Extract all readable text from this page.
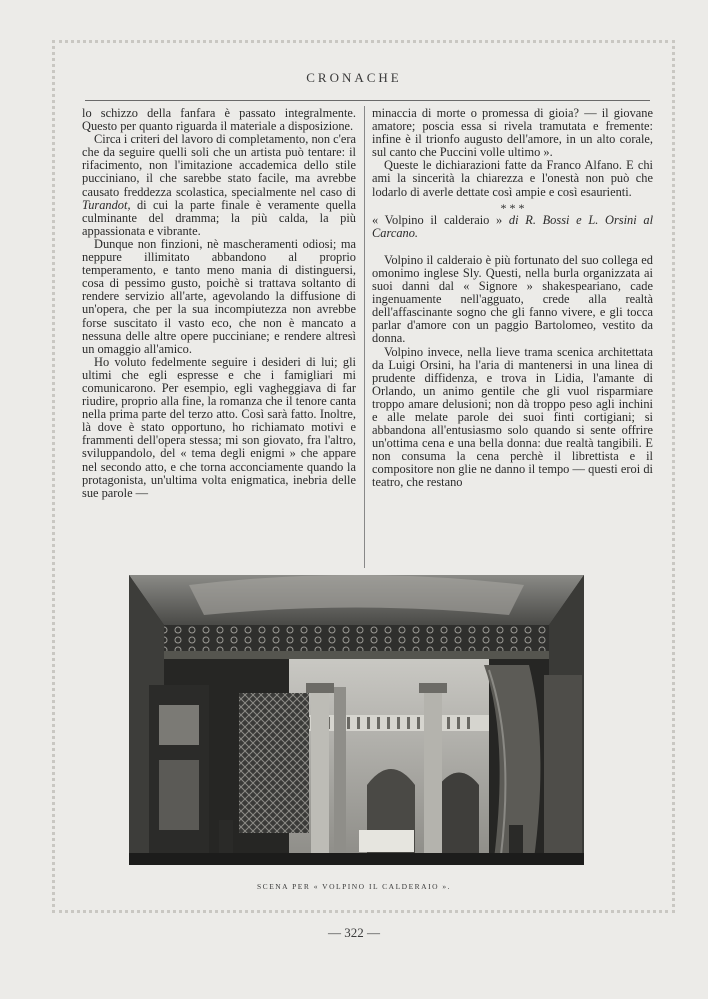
CRONACHE

lo schizzo della fanfara è passato integralmente. Questo per quanto riguarda il materiale a disposizione.

Circa i criteri del lavoro di completamento, non c'era che da seguire quelli soli che un artista può tentare: il rifacimento, non l'imitazione accademica dello stile pucciniano, il che sarebbe stato facile, ma avrebbe causato freddezza scolastica, specialmente nel caso di Turandot, di cui la parte finale è veramente quella culminante del dramma; la più calda, la più appassionata e vibrante.

Dunque non finzioni, nè mascheramenti odiosi; ma neppure illimitato abbandono al proprio temperamento, e tanto meno mania di distinguersi, cosa di pessimo gusto, poichè si trattava soltanto di rendere servizio all'arte, agevolando la diffusione di un'opera, che per la sua incompiutezza non avrebbe forse suscitato il vasto eco, che non è mancato a nessuna delle altre opere pucciniane; e rendere altresì un omaggio all'amico.

Ho voluto fedelmente seguire i desideri di lui; gli ultimi che egli espresse e che i famigliari mi comunicarono. Per esempio, egli vagheggiava di far riudire, proprio alla fine, la romanza che il tenore canta nella prima parte del terzo atto. Così sarà fatto. Inoltre, là dove è stato opportuno, ho richiamato motivi e frammenti dell'opera stessa; mi son giovato, fra l'altro, sviluppandolo, del « tema degli enigmi » che appare nel secondo atto, e che torna acconciamente quando la protagonista, un'ultima volta enigmatica, inebria delle sue parole —

minaccia di morte o promessa di gioia? — il giovane amatore; poscia essa si rivela tramutata e fremente: infine è il trionfo augusto dell'amore, in un alto corale, sul canto che Puccini volle ultimo ».

Queste le dichiarazioni fatte da Franco Alfano. E chi ami la sincerità la chiarezza e l'onestà non può che lodarlo di averle dettate così ampie e così esaurienti.

* * *

« Volpino il calderaio » di R. Bossi e L. Orsini al Carcano.

Volpino il calderaio è più fortunato del suo collega ed omonimo inglese Sly. Questi, nella burla organizzata ai suoi danni dal « Signore » shakespeariano, cade ingenuamente nell'agguato, crede alla realtà dell'affascinante sogno che gli fanno vivere, e gli tocca parlar d'amore con un paggio Bartolomeo, vestito da donna.

Volpino invece, nella lieve trama scenica architettata da Luigi Orsini, ha l'aria di mantenersi in una linea di prudente diffidenza, e trova in Lidia, l'amante di Orlando, un animo gentile che gli vuol risparmiare troppo amare delusioni; non dà troppo peso agli inchini e alle melate parole dei suoi finti cortigiani; si abbandona all'entusiasmo solo quando si sente offrire un'ottima cena e una bella donna: due realtà tangibili. E non consuma la cena perchè il librettista e il compositore non glie ne danno il tempo — questi eroi di teatro, che restano

SCENA PER « VOLPINO IL CALDERAIO ».
— 322 —
